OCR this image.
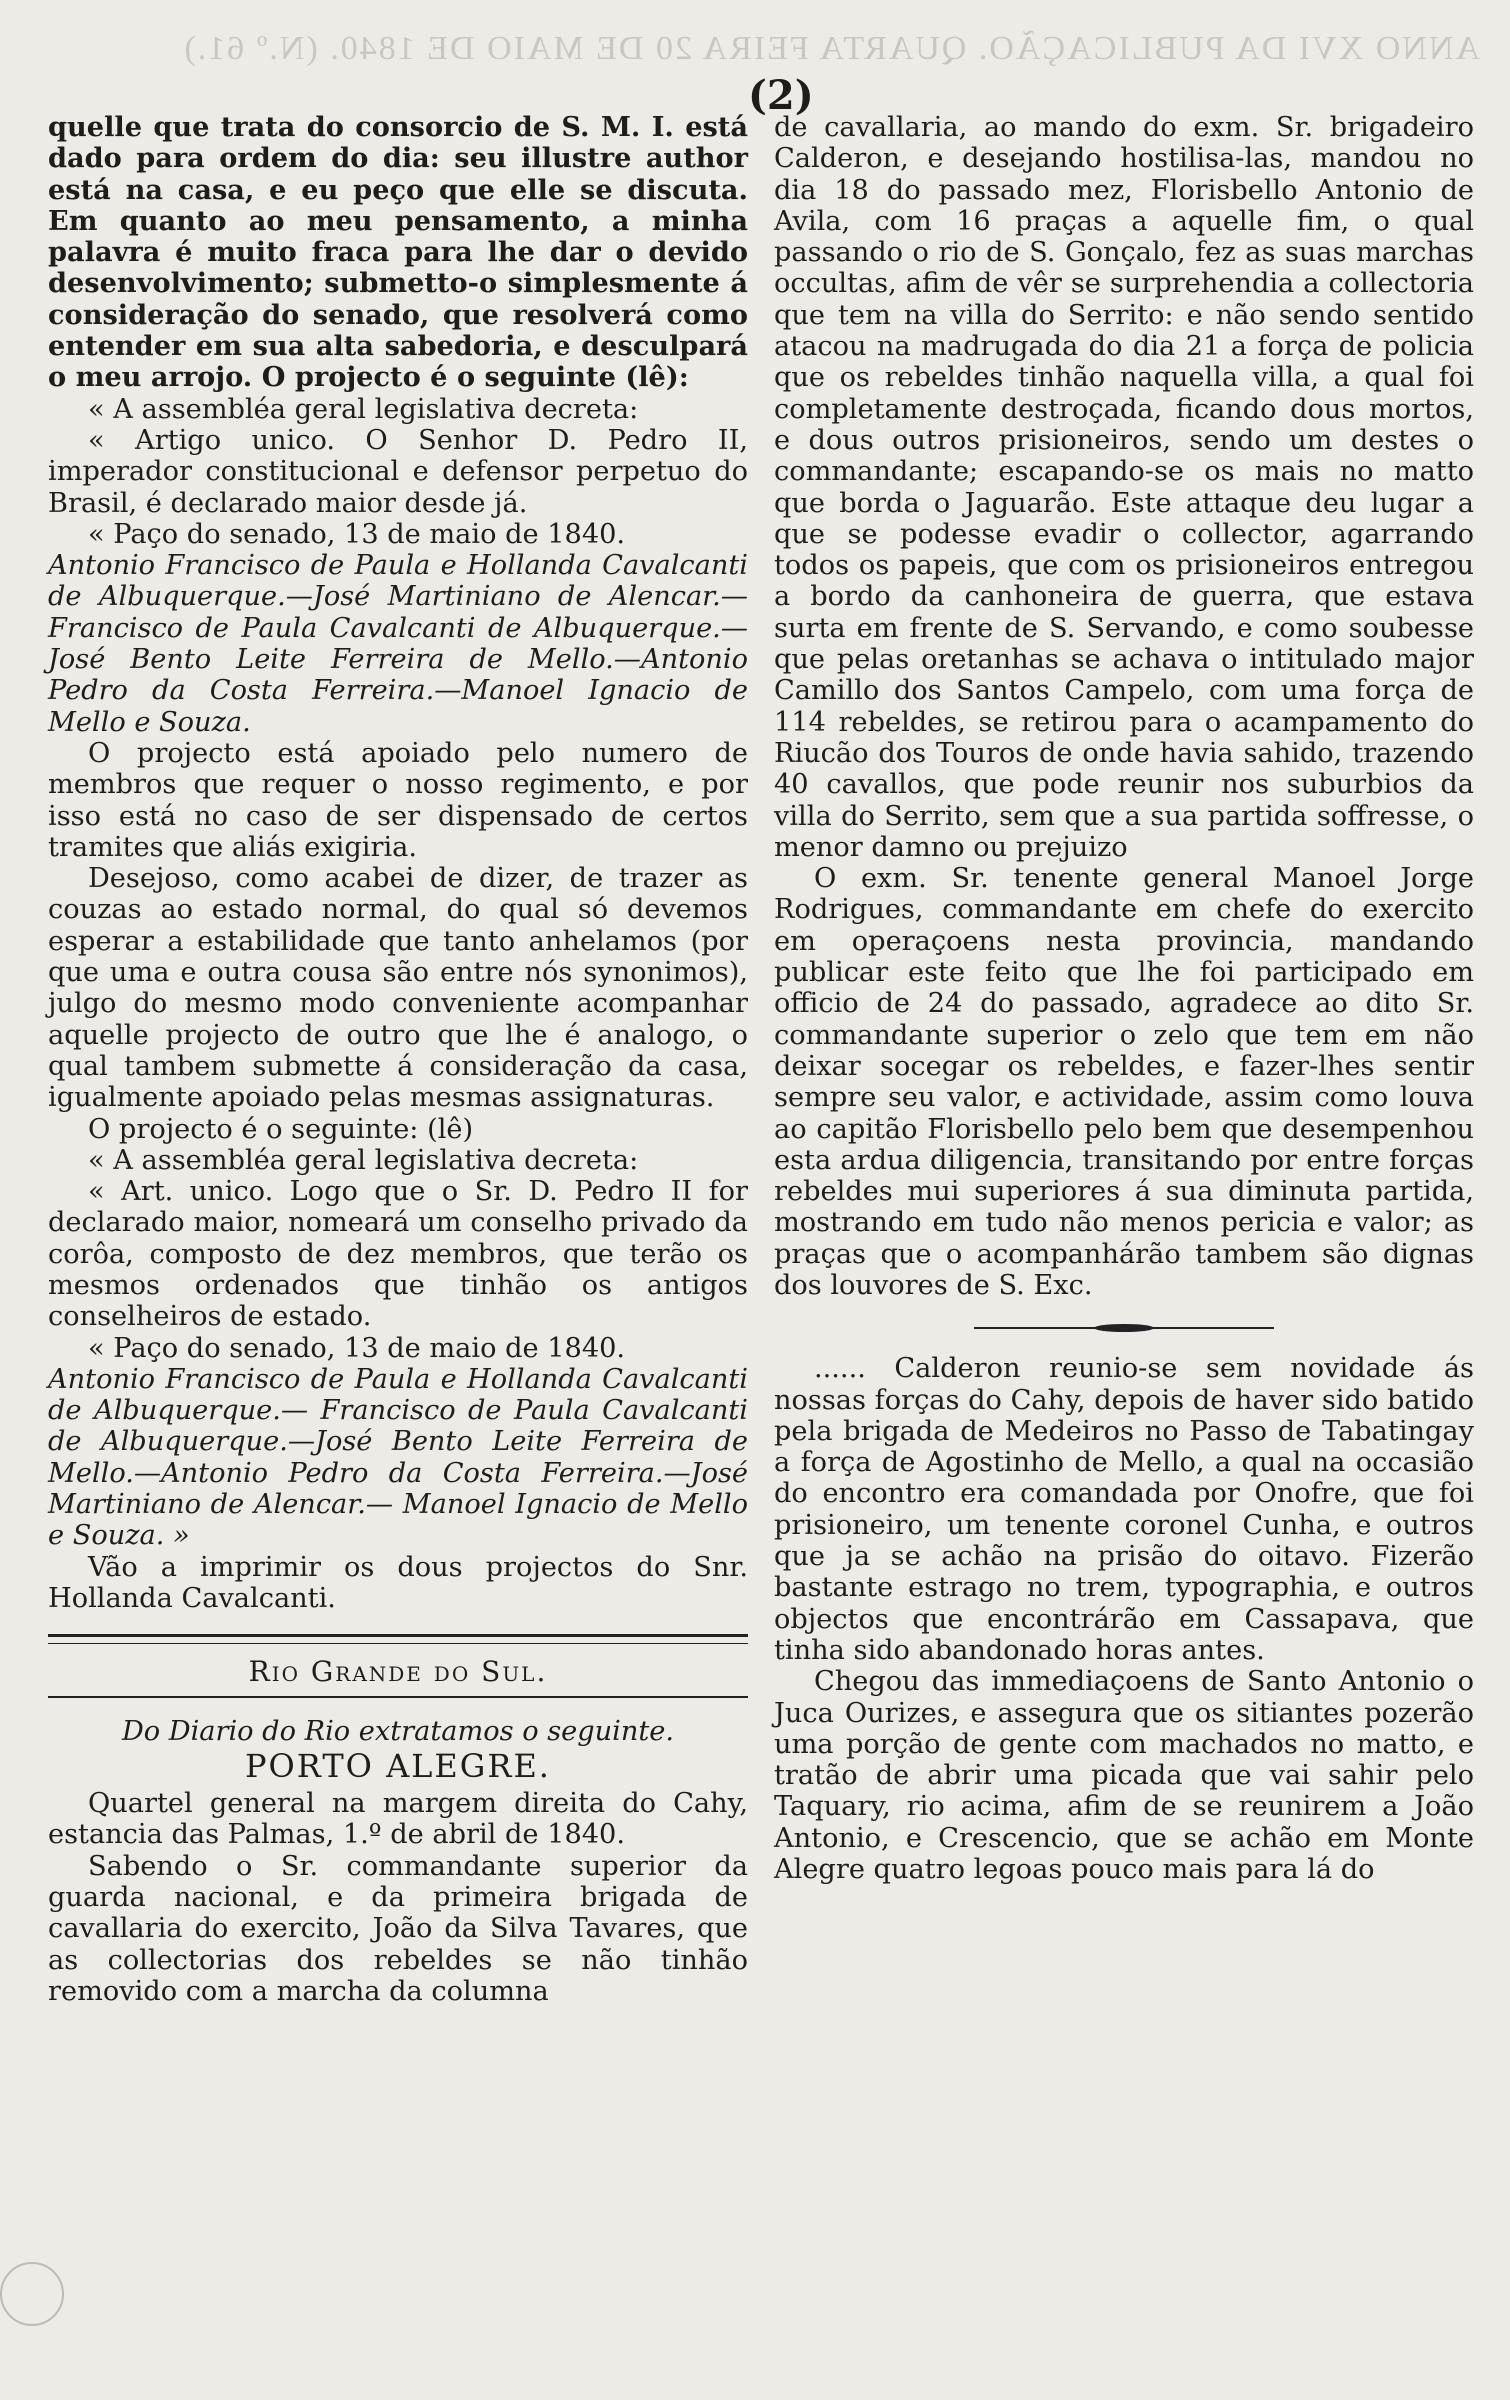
ANNO XVI DA PUBLICAÇÃO. QUARTA FEIRA 20 DE MAIO DE 1840. (N.º 61.)
(2)

quelle que trata do consorcio de S. M. I. está dado para ordem do dia: seu illustre author está na casa, e eu peço que elle se discuta. Em quanto ao meu pensamento, a minha palavra é muito fraca para lhe dar o devido desenvolvimento; submetto-o simplesmente á consideração do senado, que resolverá como entender em sua alta sabedoria, e desculpará o meu arrojo. O projecto é o seguinte (lê):

« A assembléa geral legislativa decreta:

« Artigo unico. O Senhor D. Pedro II, imperador constitucional e defensor perpetuo do Brasil, é declarado maior desde já.

« Paço do senado, 13 de maio de 1840.

Antonio Francisco de Paula e Hollanda Cavalcanti de Albuquerque.—José Martiniano de Alencar.—Francisco de Paula Cavalcanti de Albuquerque.— José Bento Leite Ferreira de Mello.—Antonio Pedro da Costa Ferreira.—Manoel Ignacio de Mello e Souza.

O projecto está apoiado pelo numero de membros que requer o nosso regimento, e por isso está no caso de ser dispensado de certos tramites que aliás exigiria.

Desejoso, como acabei de dizer, de trazer as couzas ao estado normal, do qual só devemos esperar a estabilidade que tanto anhelamos (por que uma e outra cousa são entre nós synonimos), julgo do mesmo modo conveniente acompanhar aquelle projecto de outro que lhe é analogo, o qual tambem submette á consideração da casa, igualmente apoiado pelas mesmas assignaturas.

O projecto é o seguinte: (lê)

« A assembléa geral legislativa decreta:

« Art. unico. Logo que o Sr. D. Pedro II for declarado maior, nomeará um conselho privado da corôa, composto de dez membros, que terão os mesmos ordenados que tinhão os antigos conselheiros de estado.

« Paço do senado, 13 de maio de 1840.

Antonio Francisco de Paula e Hollanda Cavalcanti de Albuquerque.— Francisco de Paula Cavalcanti de Albuquerque.—José Bento Leite Ferreira de Mello.—Antonio Pedro da Costa Ferreira.—José Martiniano de Alencar.— Manoel Ignacio de Mello e Souza. »

Vão a imprimir os dous projectos do Snr. Hollanda Cavalcanti.

Rio Grande do Sul.

Do Diario do Rio extratamos o seguinte.

PORTO ALEGRE.

Quartel general na margem direita do Cahy, estancia das Palmas, 1.º de abril de 1840.

Sabendo o Sr. commandante superior da guarda nacional, e da primeira brigada de cavallaria do exercito, João da Silva Tavares, que as collectorias dos rebeldes se não tinhão removido com a marcha da columna

de cavallaria, ao mando do exm. Sr. brigadeiro Calderon, e desejando hostilisa-las, mandou no dia 18 do passado mez, Florisbello Antonio de Avila, com 16 praças a aquelle fim, o qual passando o rio de S. Gonçalo, fez as suas marchas occultas, afim de vêr se surprehendia a collectoria que tem na villa do Serrito: e não sendo sentido atacou na madrugada do dia 21 a força de policia que os rebeldes tinhão naquella villa, a qual foi completamente destroçada, ficando dous mortos, e dous outros prisioneiros, sendo um destes o commandante; escapando-se os mais no matto que borda o Jaguarão. Este attaque deu lugar a que se podesse evadir o collector, agarrando todos os papeis, que com os prisioneiros entregou a bordo da canhoneira de guerra, que estava surta em frente de S. Servando, e como soubesse que pelas oretanhas se achava o intitulado major Camillo dos Santos Campelo, com uma força de 114 rebeldes, se retirou para o acampamento do Riucão dos Touros de onde havia sahido, trazendo 40 cavallos, que pode reunir nos suburbios da villa do Serrito, sem que a sua partida soffresse, o menor damno ou prejuizo

O exm. Sr. tenente general Manoel Jorge Rodrigues, commandante em chefe do exercito em operaçoens nesta provincia, mandando publicar este feito que lhe foi participado em officio de 24 do passado, agradece ao dito Sr. commandante superior o zelo que tem em não deixar socegar os rebeldes, e fazer-lhes sentir sempre seu valor, e actividade, assim como louva ao capitão Florisbello pelo bem que desempenhou esta ardua diligencia, transitando por entre forças rebeldes mui superiores á sua diminuta partida, mostrando em tudo não menos pericia e valor; as praças que o acompanhárão tambem são dignas dos louvores de S. Exc.

...... Calderon reunio-se sem novidade ás nossas forças do Cahy, depois de haver sido batido pela brigada de Medeiros no Passo de Tabatingay a força de Agostinho de Mello, a qual na occasião do encontro era comandada por Onofre, que foi prisioneiro, um tenente coronel Cunha, e outros que ja se achão na prisão do oitavo. Fizerão bastante estrago no trem, typographia, e outros objectos que encontrárão em Cassapava, que tinha sido abandonado horas antes.

Chegou das immediaçoens de Santo Antonio o Juca Ourizes, e assegura que os sitiantes pozerão uma porção de gente com machados no matto, e tratão de abrir uma picada que vai sahir pelo Taquary, rio acima, afim de se reunirem a João Antonio, e Crescencio, que se achão em Monte Alegre quatro legoas pouco mais para lá do
